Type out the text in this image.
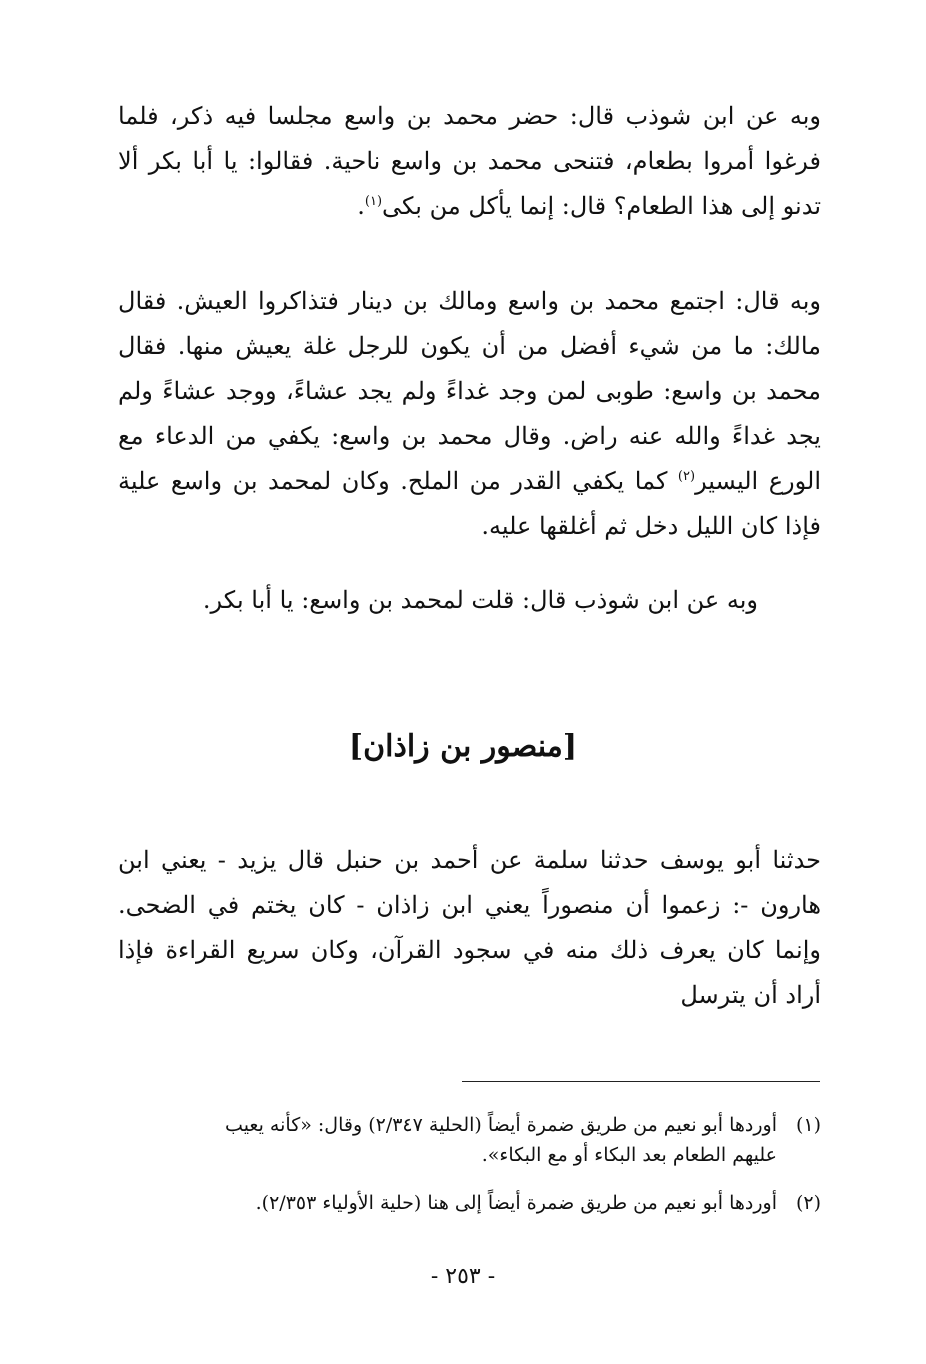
وبه عن ابن شوذب قال: حضر محمد بن واسع مجلسا فيه ذكر، فلما فرغوا أمروا بطعام، فتنحى محمد بن واسع ناحية. فقالوا: يا أبا بكر ألا تدنو إلى هذا الطعام؟ قال: إنما يأكل من بكى$^{(١)}$.
وبه قال: اجتمع محمد بن واسع ومالك بن دينار فتذاكروا العيش. فقال مالك: ما من شيء أفضل من أن يكون للرجل غلة يعيش منها. فقال محمد بن واسع: طوبى لمن وجد غداءً ولم يجد عشاءً، ووجد عشاءً ولم يجد غداءً والله عنه راض. وقال محمد بن واسع: يكفي من الدعاء مع الورع اليسير$^{(٢)}$ كما يكفي القدر من الملح. وكان لمحمد بن واسع علية فإذا كان الليل دخل ثم أغلقها عليه.
وبه عن ابن شوذب قال: قلت لمحمد بن واسع: يا أبا بكر.
[منصور بن زاذان]
حدثنا أبو يوسف حدثنا سلمة عن أحمد بن حنبل قال يزيد - يعني ابن هارون -: زعموا أن منصوراً يعني ابن زاذان - كان يختم في الضحى. وإنما كان يعرف ذلك منه في سجود القرآن، وكان سريع القراءة فإذا أراد أن يترسل
(١)أوردها أبو نعيم من طريق ضمرة أيضاً (الحلية ٢/٣٤٧) وقال: «كأنه يعيب
عليهم الطعام بعد البكاء أو مع البكاء».
(٢)أوردها أبو نعيم من طريق ضمرة أيضاً إلى هنا (حلية الأولياء ٢/٣٥٣).
- ٢٥٣ -
